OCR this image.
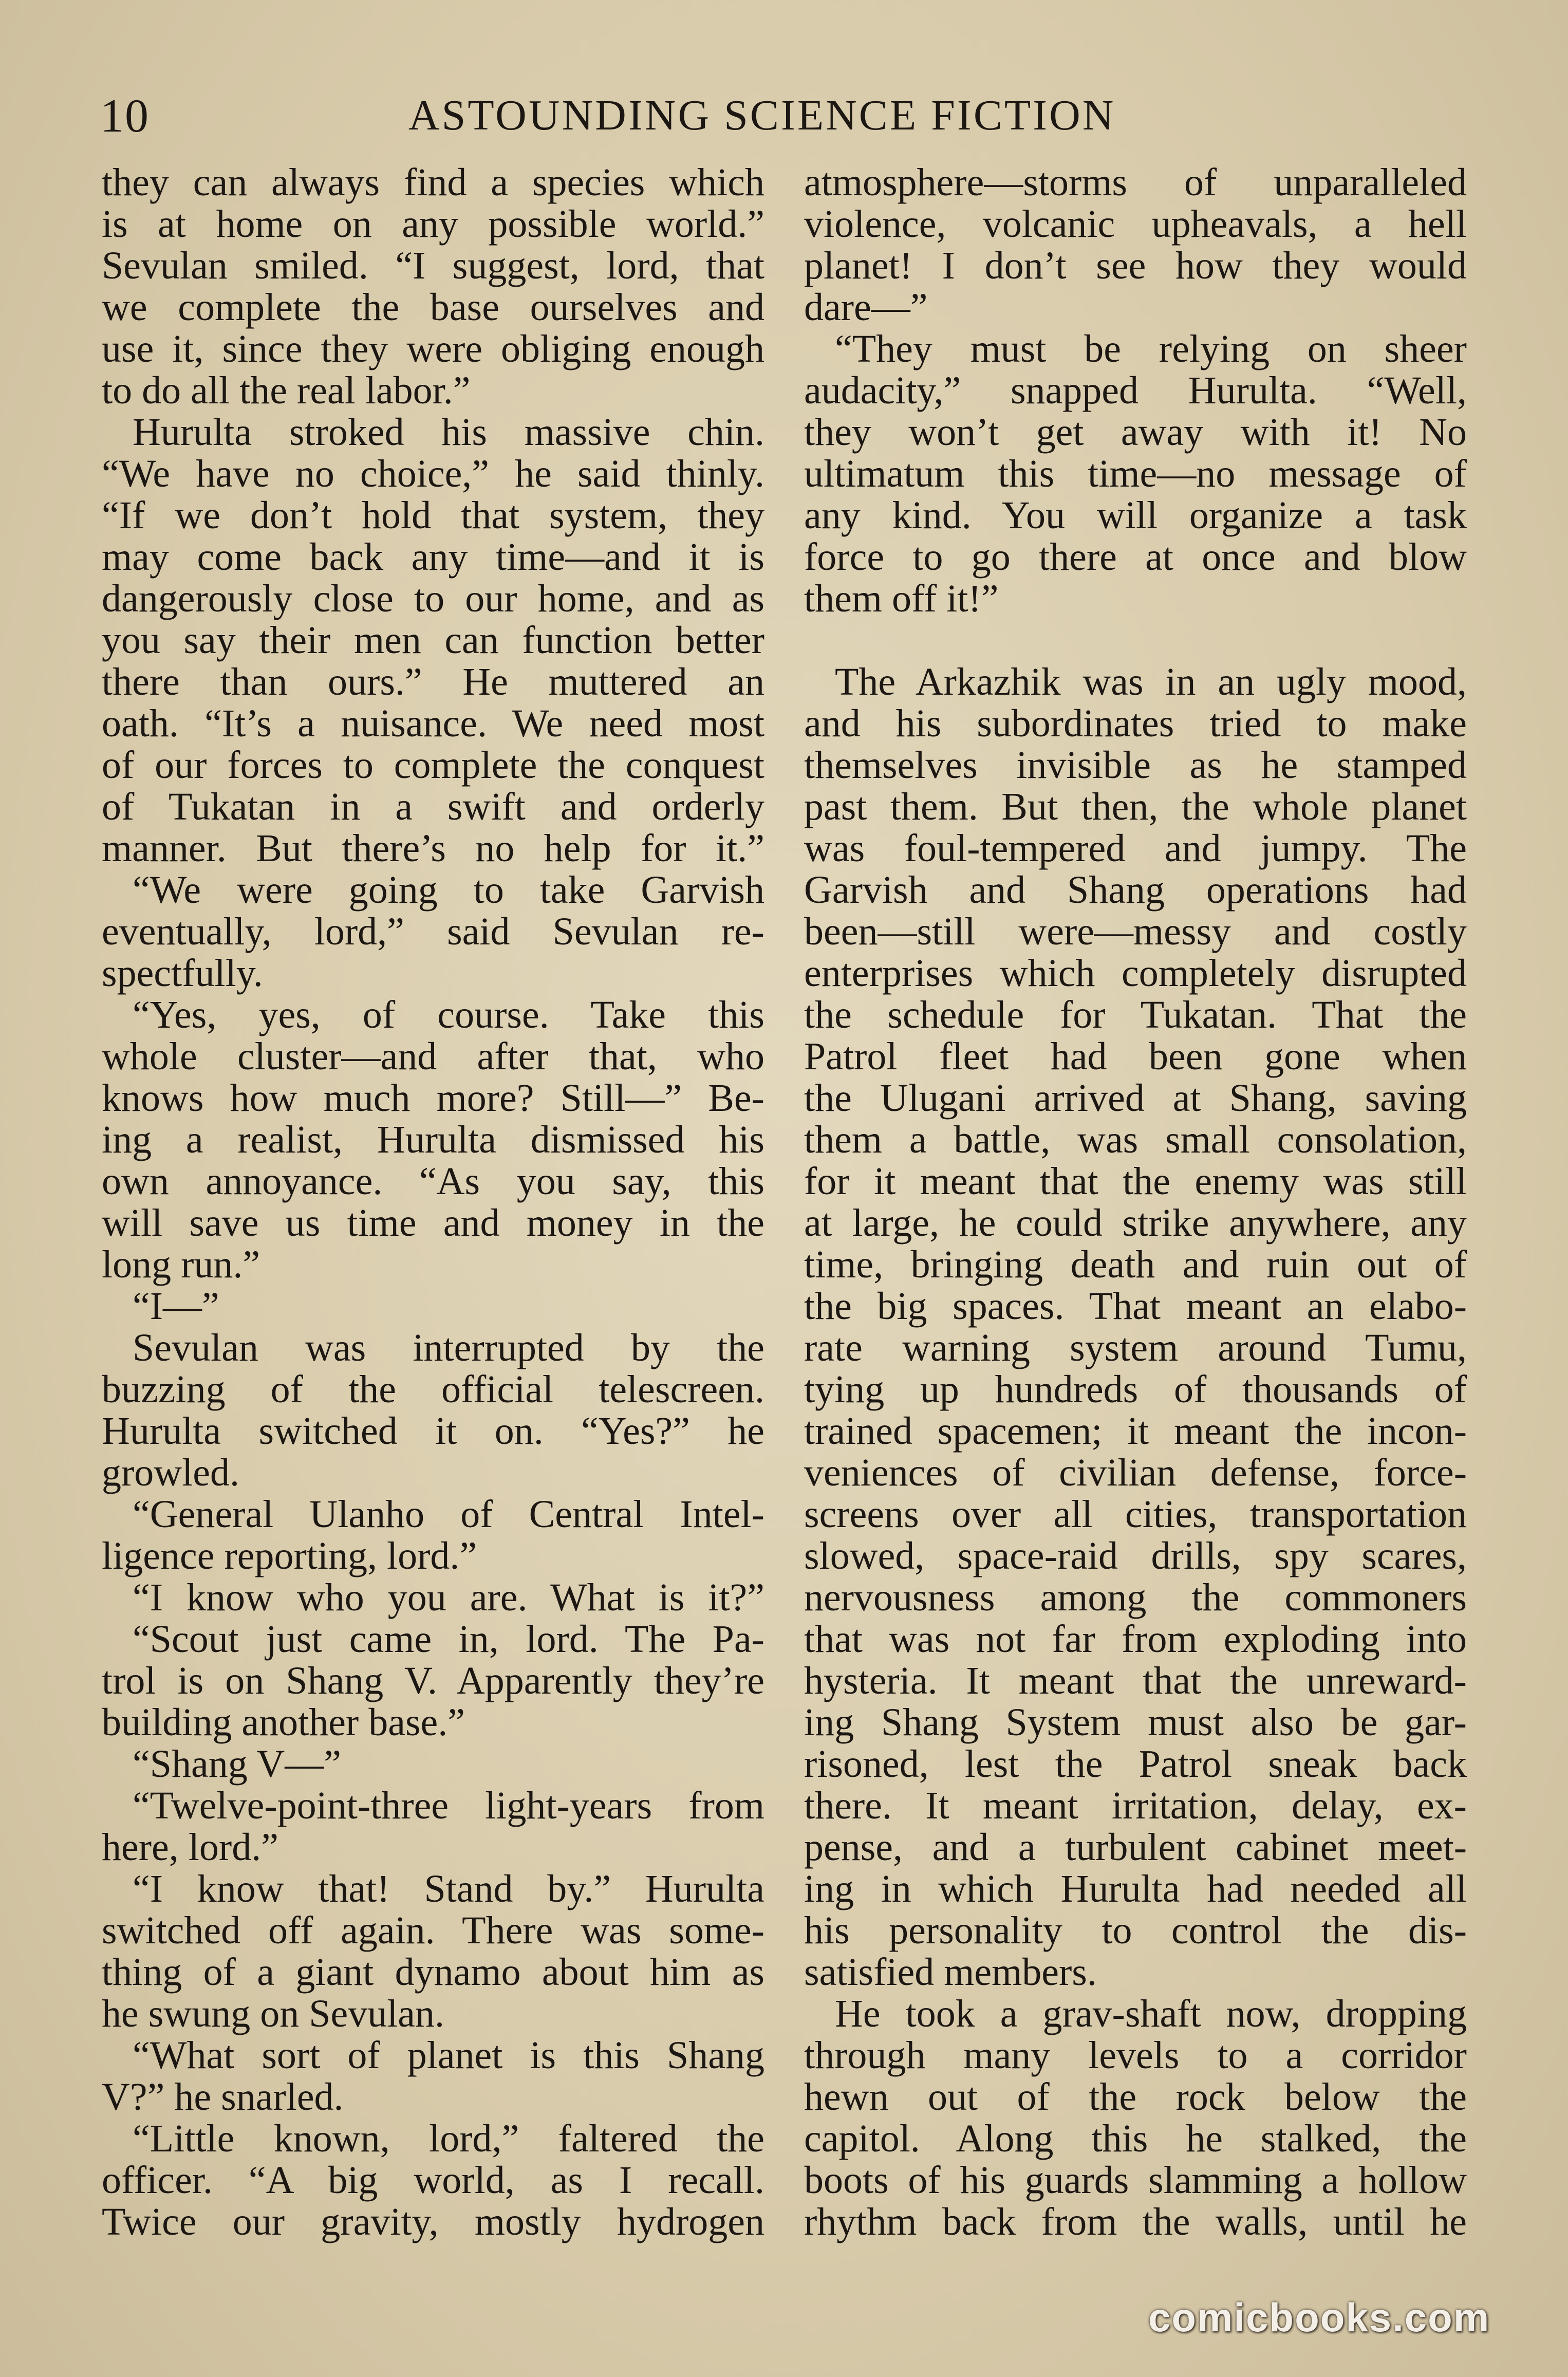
10	ASTOUNDING SCIENCE FICTION
they can always find a species which
is at home on any possible world.”
Sevulan smiled. “I suggest, lord, that
we complete the base ourselves and
use it, since they were obliging enough
to do all the real labor.”
Hurulta stroked his massive chin.
“We have no choice,” he said thinly.
“If we don’t hold that system, they
may come back any time—and it is
dangerously close to our home, and as
you say their men can function better
there than ours.” He muttered an
oath. “It’s a nuisance. We need most
of our forces to complete the conquest
of Tukatan in a swift and orderly
manner. But there’s no help for it.”
“We were going to take Garvish
eventually, lord,” said Sevulan re-
spectfully.
“Yes, yes, of course. Take this
whole cluster—and after that, who
knows how much more? Still—” Be-
ing a realist, Hurulta dismissed his
own annoyance. “As you say, this
will save us time and money in the
long run.”
“I—”
Sevulan was interrupted by the
buzzing of the official telescreen.
Hurulta switched it on. “Yes?” he
growled.
“General Ulanho of Central Intel-
ligence reporting, lord.”
“I know who you are. What is it?”
“Scout just came in, lord. The Pa-
trol is on Shang V. Apparently they’re
building another base.”
“Shang V—”
“Twelve-point-three light-years from
here, lord.”
“I know that! Stand by.” Hurulta
switched off again. There was some-
thing of a giant dynamo about him as
he swung on Sevulan.
“What sort of planet is this Shang
V?” he snarled.
“Little known, lord,” faltered the
officer. “A big world, as I recall.
Twice our gravity, mostly hydrogen
atmosphere—storms of unparalleled
violence, volcanic upheavals, a hell
planet! I don’t see how they would
dare—”
“They must be relying on sheer
audacity,” snapped Hurulta. “Well,
they won’t get away with it! No
ultimatum this time—no message of
any kind. You will organize a task
force to go there at once and blow
them off it!”
The Arkazhik was in an ugly mood,
and his subordinates tried to make
themselves invisible as he stamped
past them. But then, the whole planet
was foul-tempered and jumpy. The
Garvish and Shang operations had
been—still were—messy and costly
enterprises which completely disrupted
the schedule for Tukatan. That the
Patrol fleet had been gone when
the Ulugani arrived at Shang, saving
them a battle, was small consolation,
for it meant that the enemy was still
at large, he could strike anywhere, any
time, bringing death and ruin out of
the big spaces. That meant an elabo-
rate warning system around Tumu,
tying up hundreds of thousands of
trained spacemen; it meant the incon-
veniences of civilian defense, force-
screens over all cities, transportation
slowed, space-raid drills, spy scares,
nervousness among the commoners
that was not far from exploding into
hysteria. It meant that the unreward-
ing Shang System must also be gar-
risoned, lest the Patrol sneak back
there. It meant irritation, delay, ex-
pense, and a turbulent cabinet meet-
ing in which Hurulta had needed all
his personality to control the dis-
satisfied members.
He took a grav-shaft now, dropping
through many levels to a corridor
hewn out of the rock below the
capitol. Along this he stalked, the
boots of his guards slamming a hollow
rhythm back from the walls, until he
comicbooks.com
